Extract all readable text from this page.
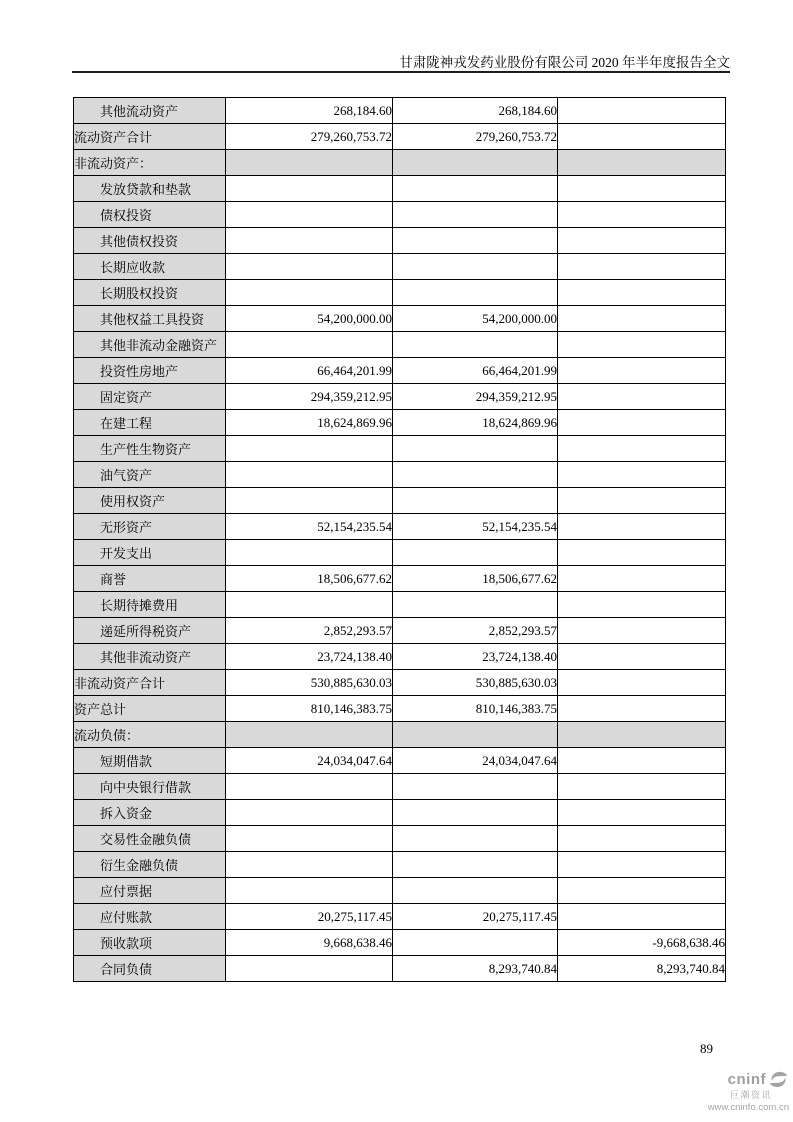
甘肃陇神戎发药业股份有限公司 2020 年半年度报告全文
其他流动资产	268,184.60	268,184.60	
流动资产合计	279,260,753.72	279,260,753.72	
非流动资产：			
发放贷款和垫款			
债权投资			
其他债权投资			
长期应收款			
长期股权投资			
其他权益工具投资	54,200,000.00	54,200,000.00	
其他非流动金融资产			
投资性房地产	66,464,201.99	66,464,201.99	
固定资产	294,359,212.95	294,359,212.95	
在建工程	18,624,869.96	18,624,869.96	
生产性生物资产			
油气资产			
使用权资产			
无形资产	52,154,235.54	52,154,235.54	
开发支出			
商誉	18,506,677.62	18,506,677.62	
长期待摊费用			
递延所得税资产	2,852,293.57	2,852,293.57	
其他非流动资产	23,724,138.40	23,724,138.40	
非流动资产合计	530,885,630.03	530,885,630.03	
资产总计	810,146,383.75	810,146,383.75	
流动负债：			
短期借款	24,034,047.64	24,034,047.64	
向中央银行借款			
拆入资金			
交易性金融负债			
衍生金融负债			
应付票据			
应付账款	20,275,117.45	20,275,117.45	
预收款项	9,668,638.46		-9,668,638.46
合同负债		8,293,740.84	8,293,740.84
89
cninf
巨潮资讯
www.cninfo.com.cn
